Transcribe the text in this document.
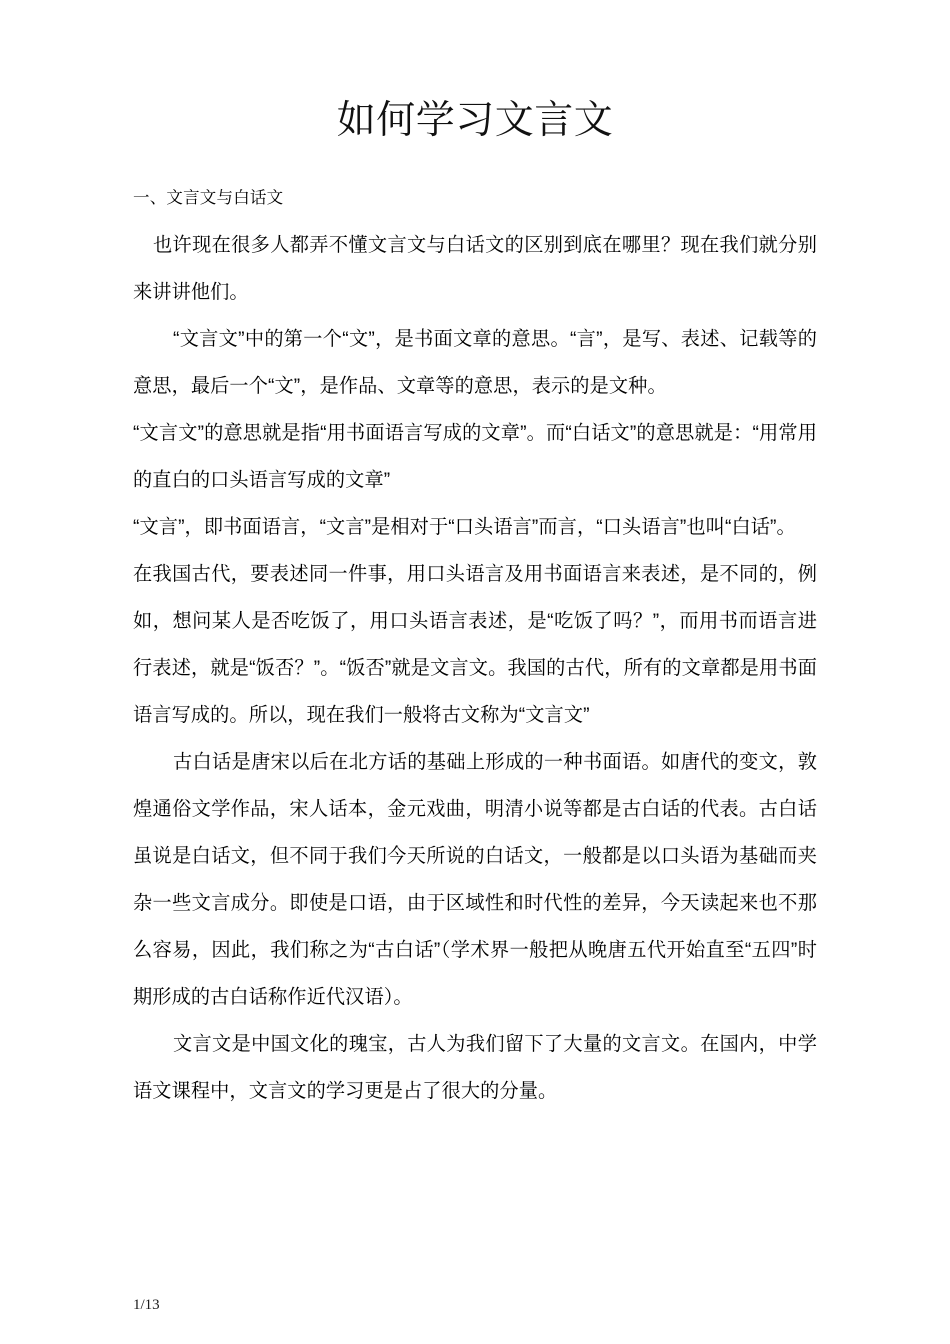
如何学习文言文
一、文言文与白话文

也许现在很多人都弄不懂文言文与白话文的区别到底在哪里？现在我们就分别来讲讲他们。

“文言文”中的第一个“文”，是书面文章的意思。“言”，是写、表述、记载等的意思，最后一个“文”，是作品、文章等的意思，表示的是文种。

“文言文”的意思就是指“用书面语言写成的文章”。而“白话文”的意思就是：“用常用的直白的口头语言写成的文章”

“文言”，即书面语言，“文言”是相对于“口头语言”而言，“口头语言”也叫“白话”。

在我国古代，要表述同一件事，用口头语言及用书面语言来表述，是不同的，例如，想问某人是否吃饭了，用口头语言表述，是“吃饭了吗？”，而用书而语言进行表述，就是“饭否？”。“饭否”就是文言文。我国的古代，所有的文章都是用书面语言写成的。所以，现在我们一般将古文称为“文言文”

古白话是唐宋以后在北方话的基础上形成的一种书面语。如唐代的变文，敦煌通俗文学作品，宋人话本，金元戏曲，明清小说等都是古白话的代表。古白话虽说是白话文，但不同于我们今天所说的白话文，一般都是以口头语为基础而夹杂一些文言成分。即使是口语，由于区域性和时代性的差异，今天读起来也不那么容易，因此，我们称之为“古白话”（学术界一般把从晚唐五代开始直至“五四”时期形成的古白话称作近代汉语）。

文言文是中国文化的瑰宝，古人为我们留下了大量的文言文。在国内，中学语文课程中，文言文的学习更是占了很大的分量。

1/13
